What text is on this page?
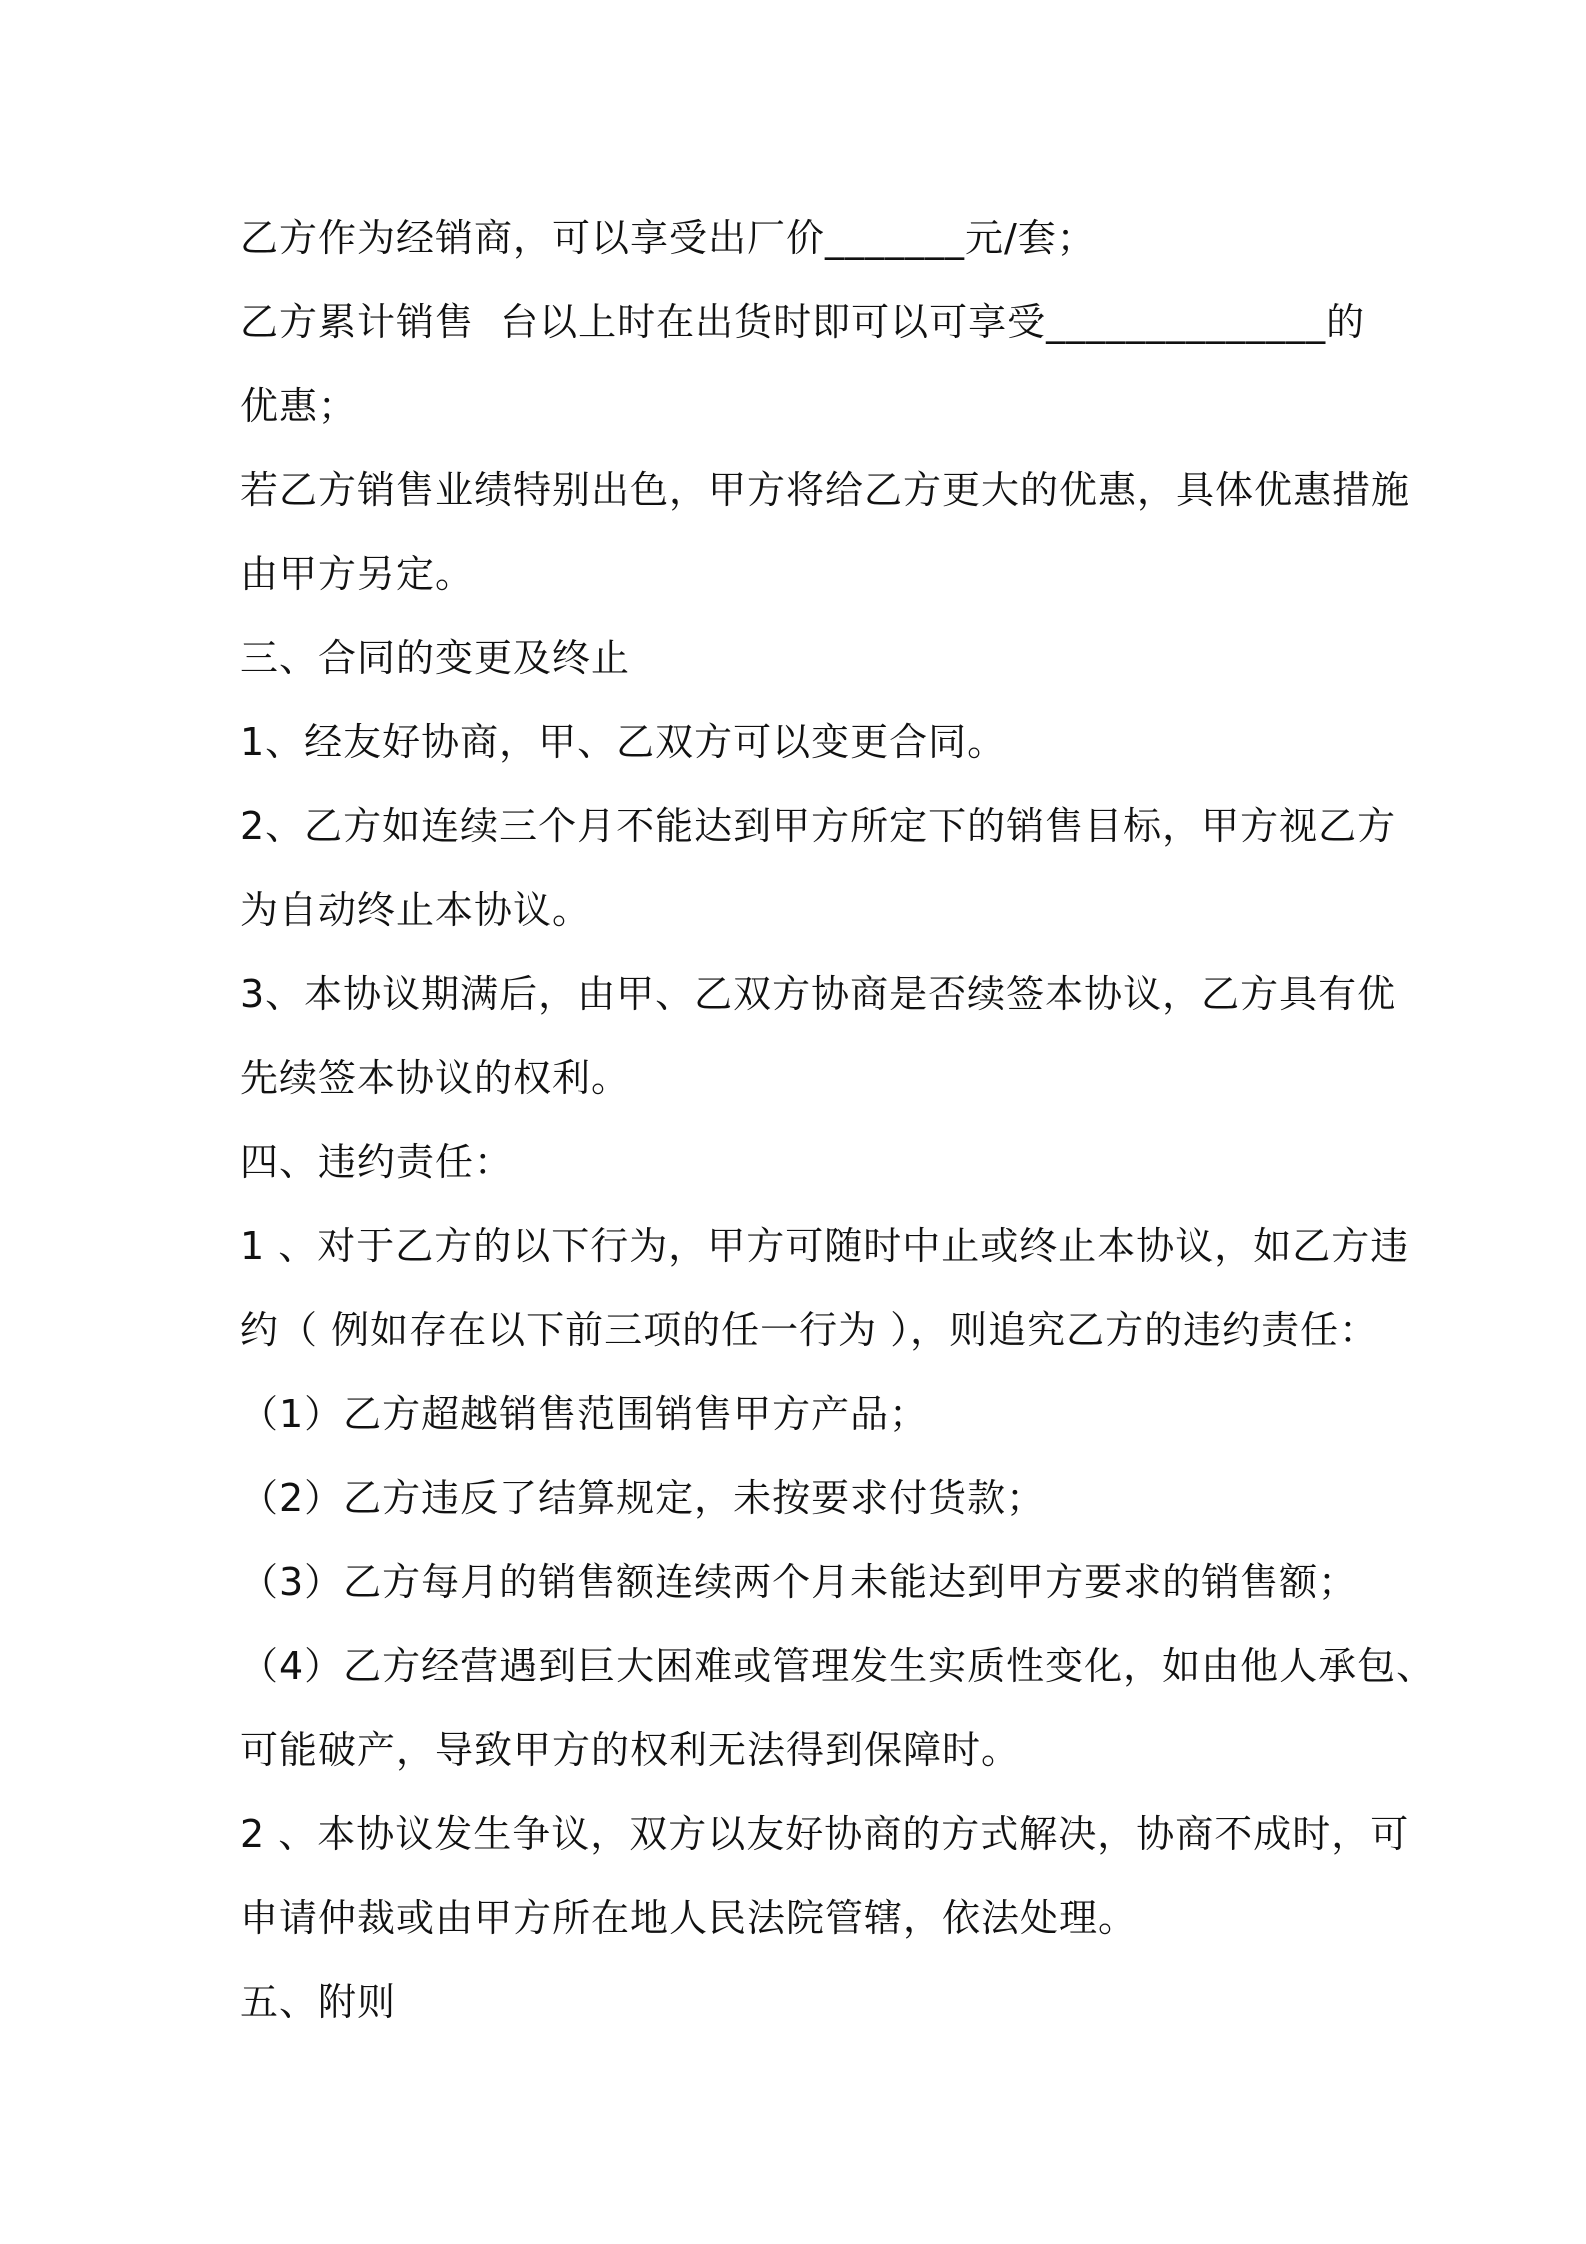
乙方作为经销商，可以享受出厂价_______元/套；
乙方累计销售  台以上时在出货时即可以可享受______________的
优惠；
若乙方销售业绩特别出色，甲方将给乙方更大的优惠，具体优惠措施
由甲方另定。
三、合同的变更及终止
1、经友好协商，甲、乙双方可以变更合同。
2、乙方如连续三个月不能达到甲方所定下的销售目标，甲方视乙方
为自动终止本协议。
3、本协议期满后，由甲、乙双方协商是否续签本协议，乙方具有优
先续签本协议的权利。
四、违约责任：
1 、对于乙方的以下行为，甲方可随时中止或终止本协议，如乙方违
约（ 例如存在以下前三项的任一行为 ），则追究乙方的违约责任：
（1）乙方超越销售范围销售甲方产品；
（2）乙方违反了结算规定，未按要求付货款；
（3）乙方每月的销售额连续两个月未能达到甲方要求的销售额；
（4）乙方经营遇到巨大困难或管理发生实质性变化，如由他人承包、
可能破产，导致甲方的权利无法得到保障时。
2 、本协议发生争议，双方以友好协商的方式解决，协商不成时，可
申请仲裁或由甲方所在地人民法院管辖，依法处理。
五、附则
